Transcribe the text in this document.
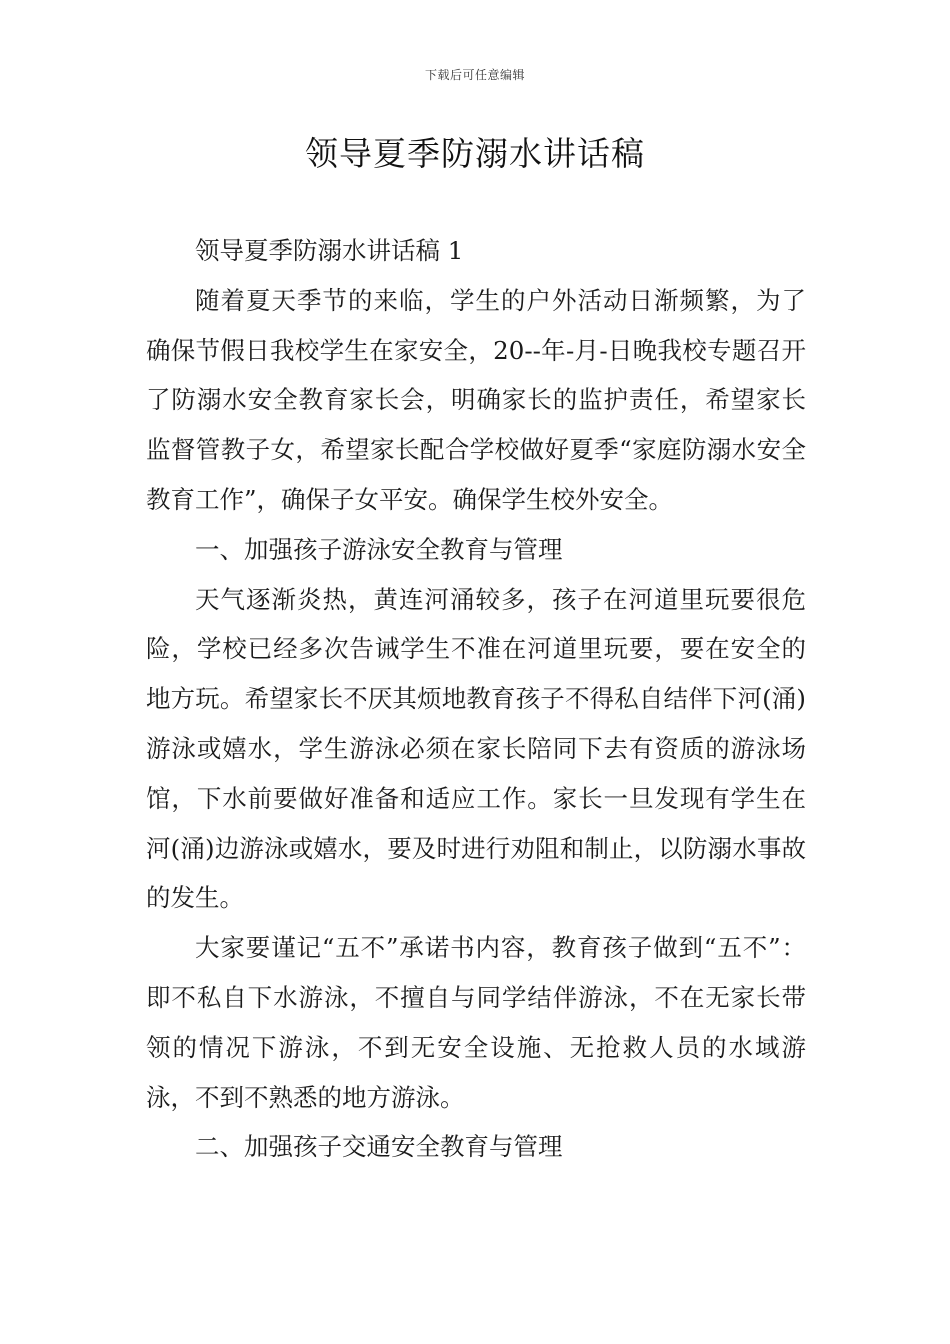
下载后可任意编辑
领导夏季防溺水讲话稿
领导夏季防溺水讲话稿 1

随着夏天季节的来临，学生的户外活动日渐频繁，为了确保节假日我校学生在家安全，20--年-月-日晚我校专题召开了防溺水安全教育家长会，明确家长的监护责任，希望家长监督管教子女，希望家长配合学校做好夏季“家庭防溺水安全教育工作”，确保子女平安。确保学生校外安全。

一、加强孩子游泳安全教育与管理

天气逐渐炎热，黄连河涌较多，孩子在河道里玩要很危险，学校已经多次告诫学生不准在河道里玩要，要在安全的地方玩。希望家长不厌其烦地教育孩子不得私自结伴下河(涌)游泳或嬉水，学生游泳必须在家长陪同下去有资质的游泳场馆，下水前要做好准备和适应工作。家长一旦发现有学生在河(涌)边游泳或嬉水，要及时进行劝阻和制止，以防溺水事故的发生。

大家要谨记“五不”承诺书内容，教育孩子做到“五不”：即不私自下水游泳，不擅自与同学结伴游泳，不在无家长带领的情况下游泳，不到无安全设施、无抢救人员的水域游泳，不到不熟悉的地方游泳。

二、加强孩子交通安全教育与管理
